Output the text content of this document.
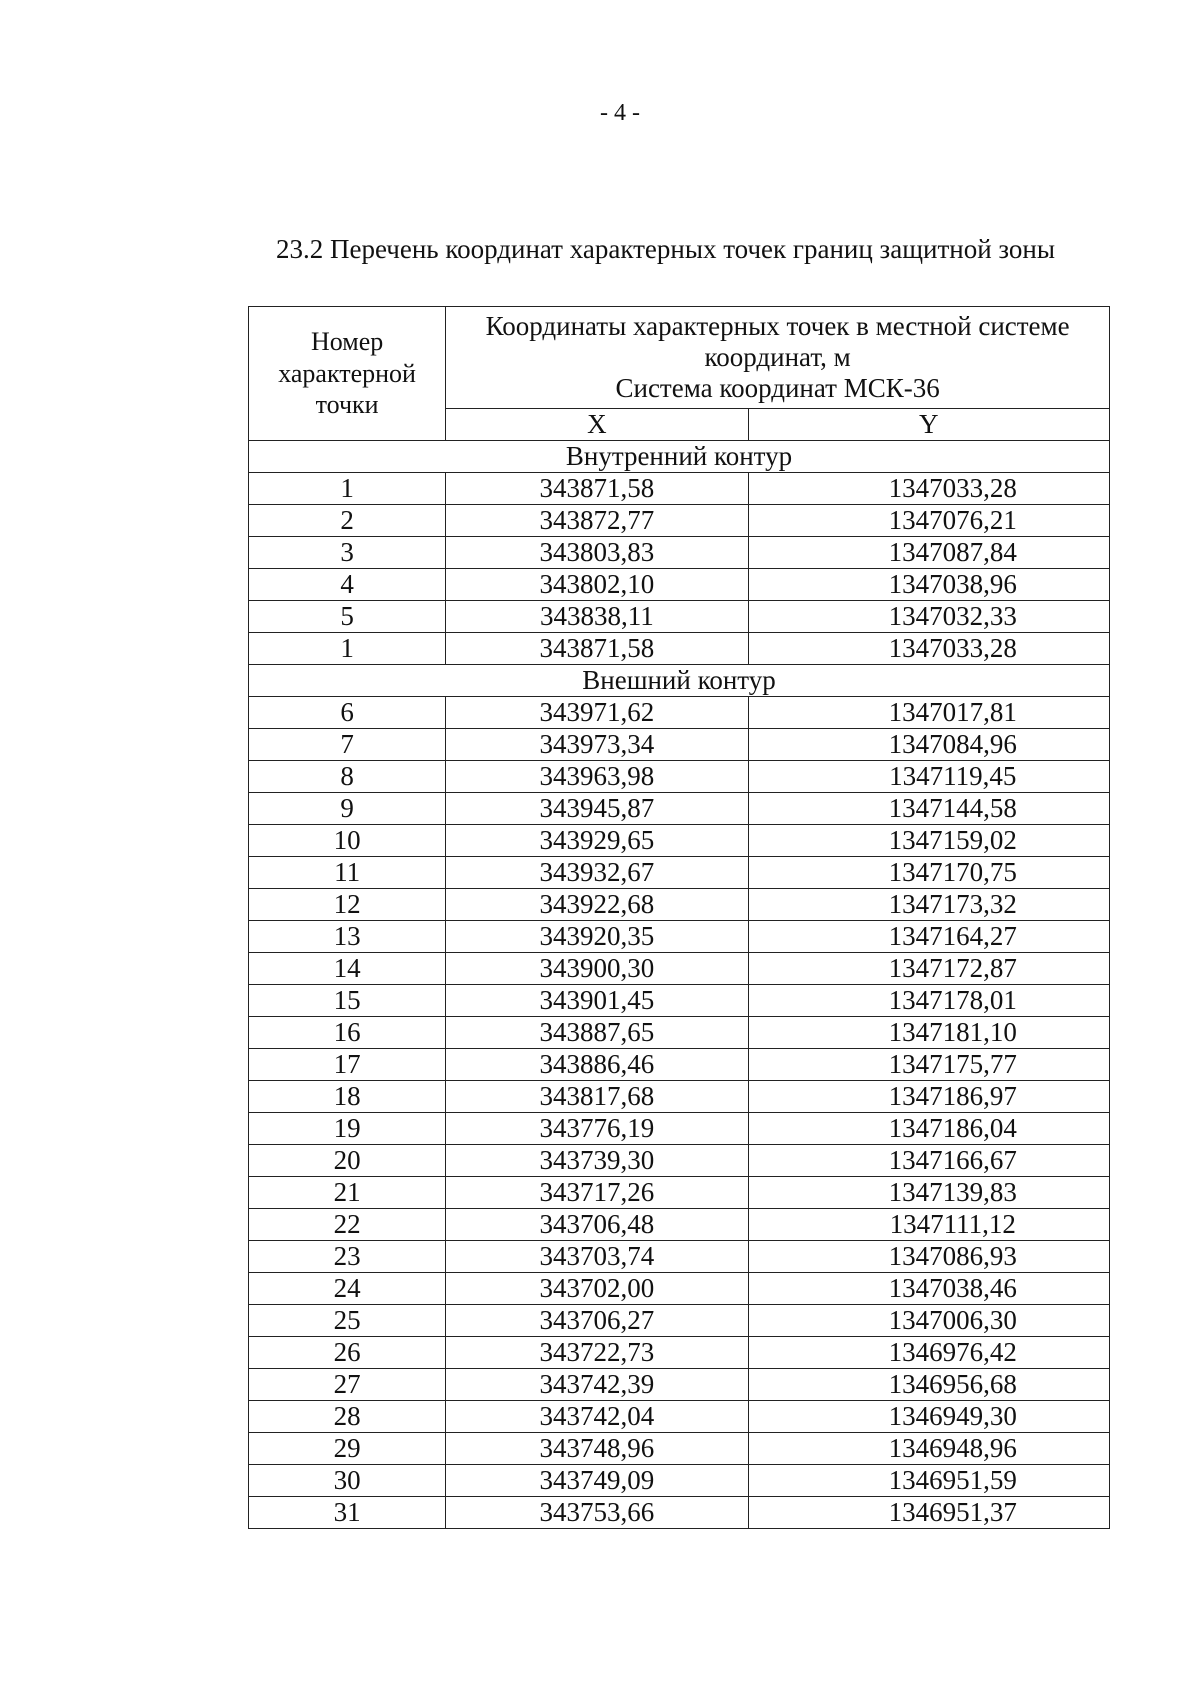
- 4 -
23.2 Перечень координат характерных точек границ защитной зоны
Номер характерной точки	Координаты характерных точек в местной системе
координат, м
Система координат МСК-36	

	X	Y
Внутренний контур		
1	343871,58	1347033,28
2	343872,77	1347076,21
3	343803,83	1347087,84
4	343802,10	1347038,96
5	343838,11	1347032,33
1	343871,58	1347033,28
Внешний контур		
6	343971,62	1347017,81
7	343973,34	1347084,96
8	343963,98	1347119,45
9	343945,87	1347144,58
10	343929,65	1347159,02
11	343932,67	1347170,75
12	343922,68	1347173,32
13	343920,35	1347164,27
14	343900,30	1347172,87
15	343901,45	1347178,01
16	343887,65	1347181,10
17	343886,46	1347175,77
18	343817,68	1347186,97
19	343776,19	1347186,04
20	343739,30	1347166,67
21	343717,26	1347139,83
22	343706,48	1347111,12
23	343703,74	1347086,93
24	343702,00	1347038,46
25	343706,27	1347006,30
26	343722,73	1346976,42
27	343742,39	1346956,68
28	343742,04	1346949,30
29	343748,96	1346948,96
30	343749,09	1346951,59
31	343753,66	1346951,37
